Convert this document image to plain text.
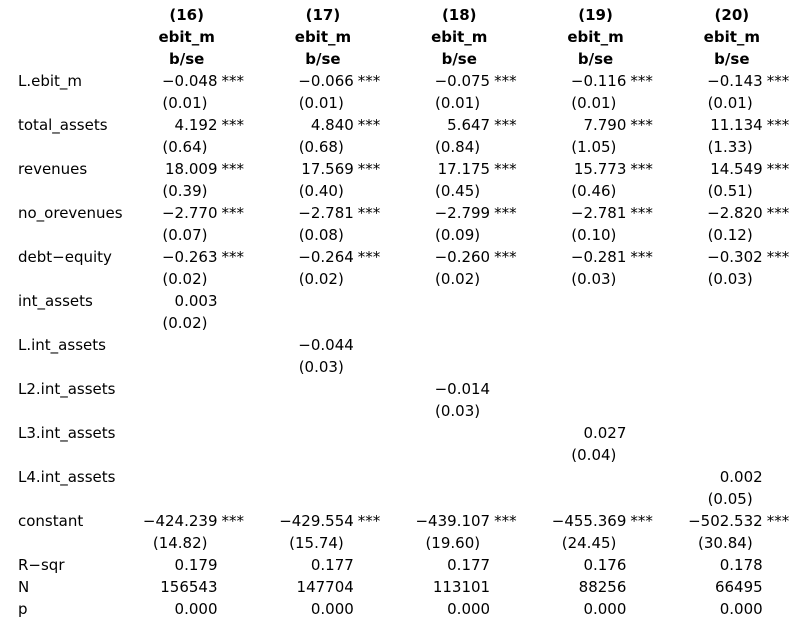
	(16)	(17)	(18)	(19)	(20)
	ebit_m	ebit_m	ebit_m	ebit_m	ebit_m
	b/se	b/se	b/se	b/se	b/se
L.ebit_m	−0.048 ***	−0.066 ***	−0.075 ***	−0.116 ***	−0.143 ***
	(0.01)	(0.01)	(0.01)	(0.01)	(0.01)
total_assets	4.192 ***	4.840 ***	5.647 ***	7.790 ***	11.134 ***
	(0.64)	(0.68)	(0.84)	(1.05)	(1.33)
revenues	18.009 ***	17.569 ***	17.175 ***	15.773 ***	14.549 ***
	(0.39)	(0.40)	(0.45)	(0.46)	(0.51)
no_orevenues	−2.770 ***	−2.781 ***	−2.799 ***	−2.781 ***	−2.820 ***
	(0.07)	(0.08)	(0.09)	(0.10)	(0.12)
debt−equity	−0.263 ***	−0.264 ***	−0.260 ***	−0.281 ***	−0.302 ***
	(0.02)	(0.02)	(0.02)	(0.03)	(0.03)
int_assets	0.003				
	(0.02)				
L.int_assets		−0.044			
		(0.03)			
L2.int_assets			−0.014		
			(0.03)		
L3.int_assets				0.027	
				(0.04)	
L4.int_assets					0.002
					(0.05)
constant	−424.239 ***	−429.554 ***	−439.107 ***	−455.369 ***	−502.532 ***
	(14.82)	(15.74)	(19.60)	(24.45)	(30.84)
R−sqr	0.179	0.177	0.177	0.176	0.178
N	156543	147704	113101	88256	66495
p	0.000	0.000	0.000	0.000	0.000
